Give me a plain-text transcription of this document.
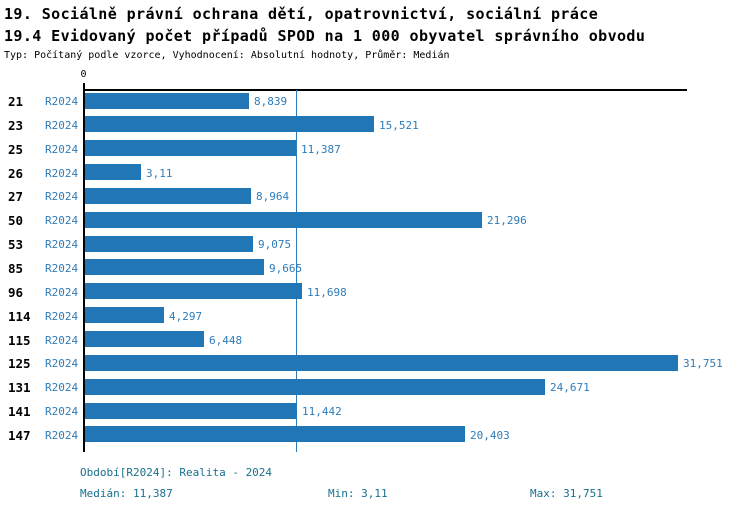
19. Sociálně právní ochrana dětí, opatrovnictví, sociální práce
19.4 Evidovaný počet případů SPOD na 1 000 obyvatel správního obvodu
Typ: Počítaný podle vzorce, Vyhodnocení: Absolutní hodnoty, Průměr: Medián
0
21 R2024	8,839
23 R2024	15,521
25 R2024	11,387
26 R2024	3,11
27 R2024	8,964
50 R2024	21,296
53 R2024	9,075
85 R2024	9,665
96 R2024	11,698
114 R2024	4,297
115 R2024	6,448
125 R2024	31,751
131 R2024	24,671
141 R2024	11,442
147 R2024	20,403
Období[R2024]: Realita - 2024
Medián: 11,387	Min: 3,11	Max: 31,751
